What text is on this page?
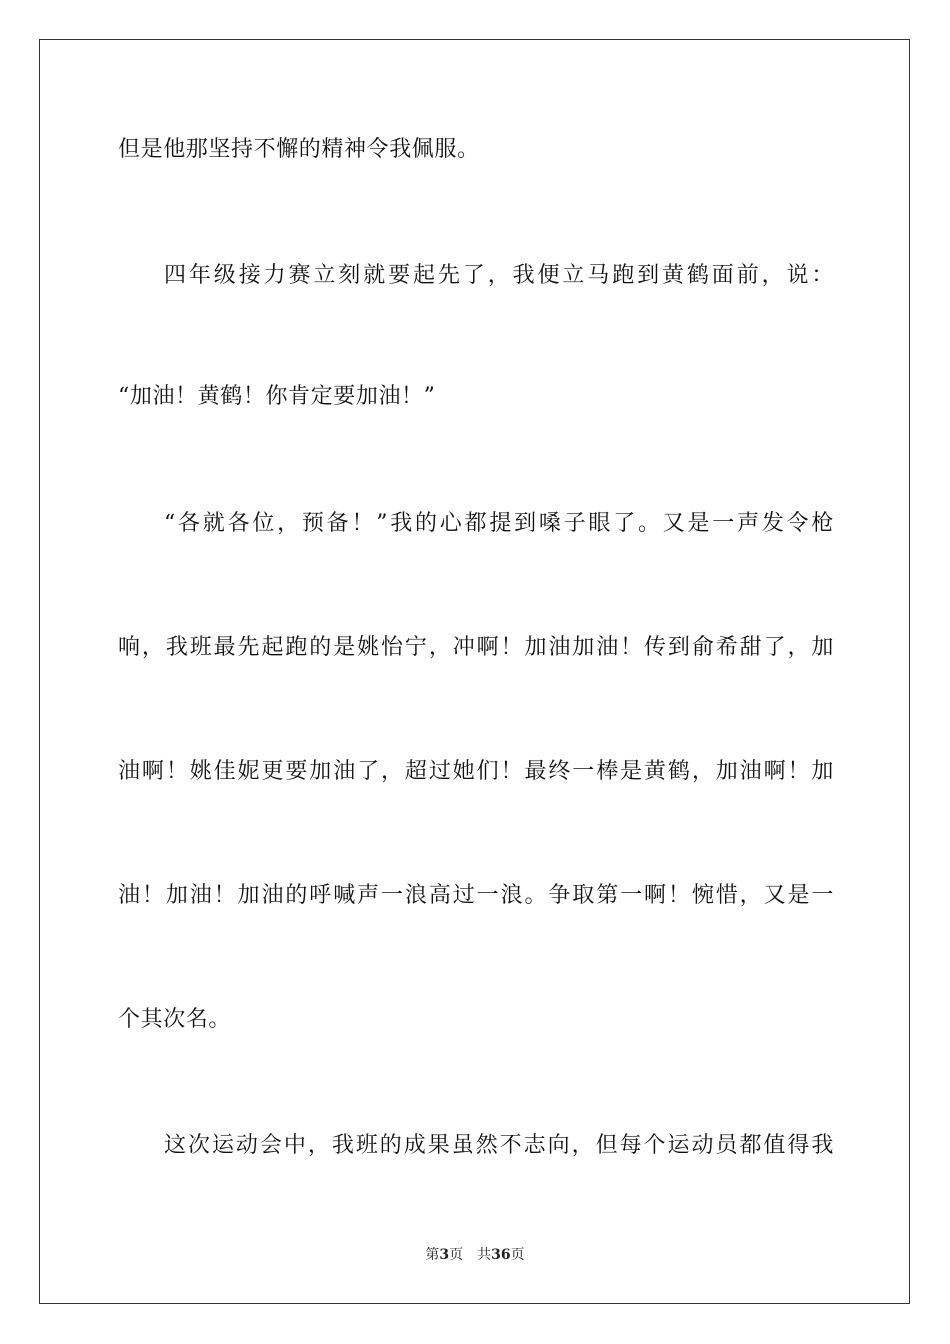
但是他那坚持不懈的精神令我佩服。
四年级接力赛立刻就要起先了，我便立马跑到黄鹤面前，说：
“加油！黄鹤！你肯定要加油！”
“各就各位，预备！”我的心都提到嗓子眼了。又是一声发令枪
响，我班最先起跑的是姚怡宁，冲啊！加油加油！传到俞希甜了，加
油啊！姚佳妮更要加油了，超过她们！最终一棒是黄鹤，加油啊！加
油！加油！加油的呼喊声一浪高过一浪。争取第一啊！惋惜，又是一
个其次名。
这次运动会中，我班的成果虽然不志向，但每个运动员都值得我
第3页 共36页
